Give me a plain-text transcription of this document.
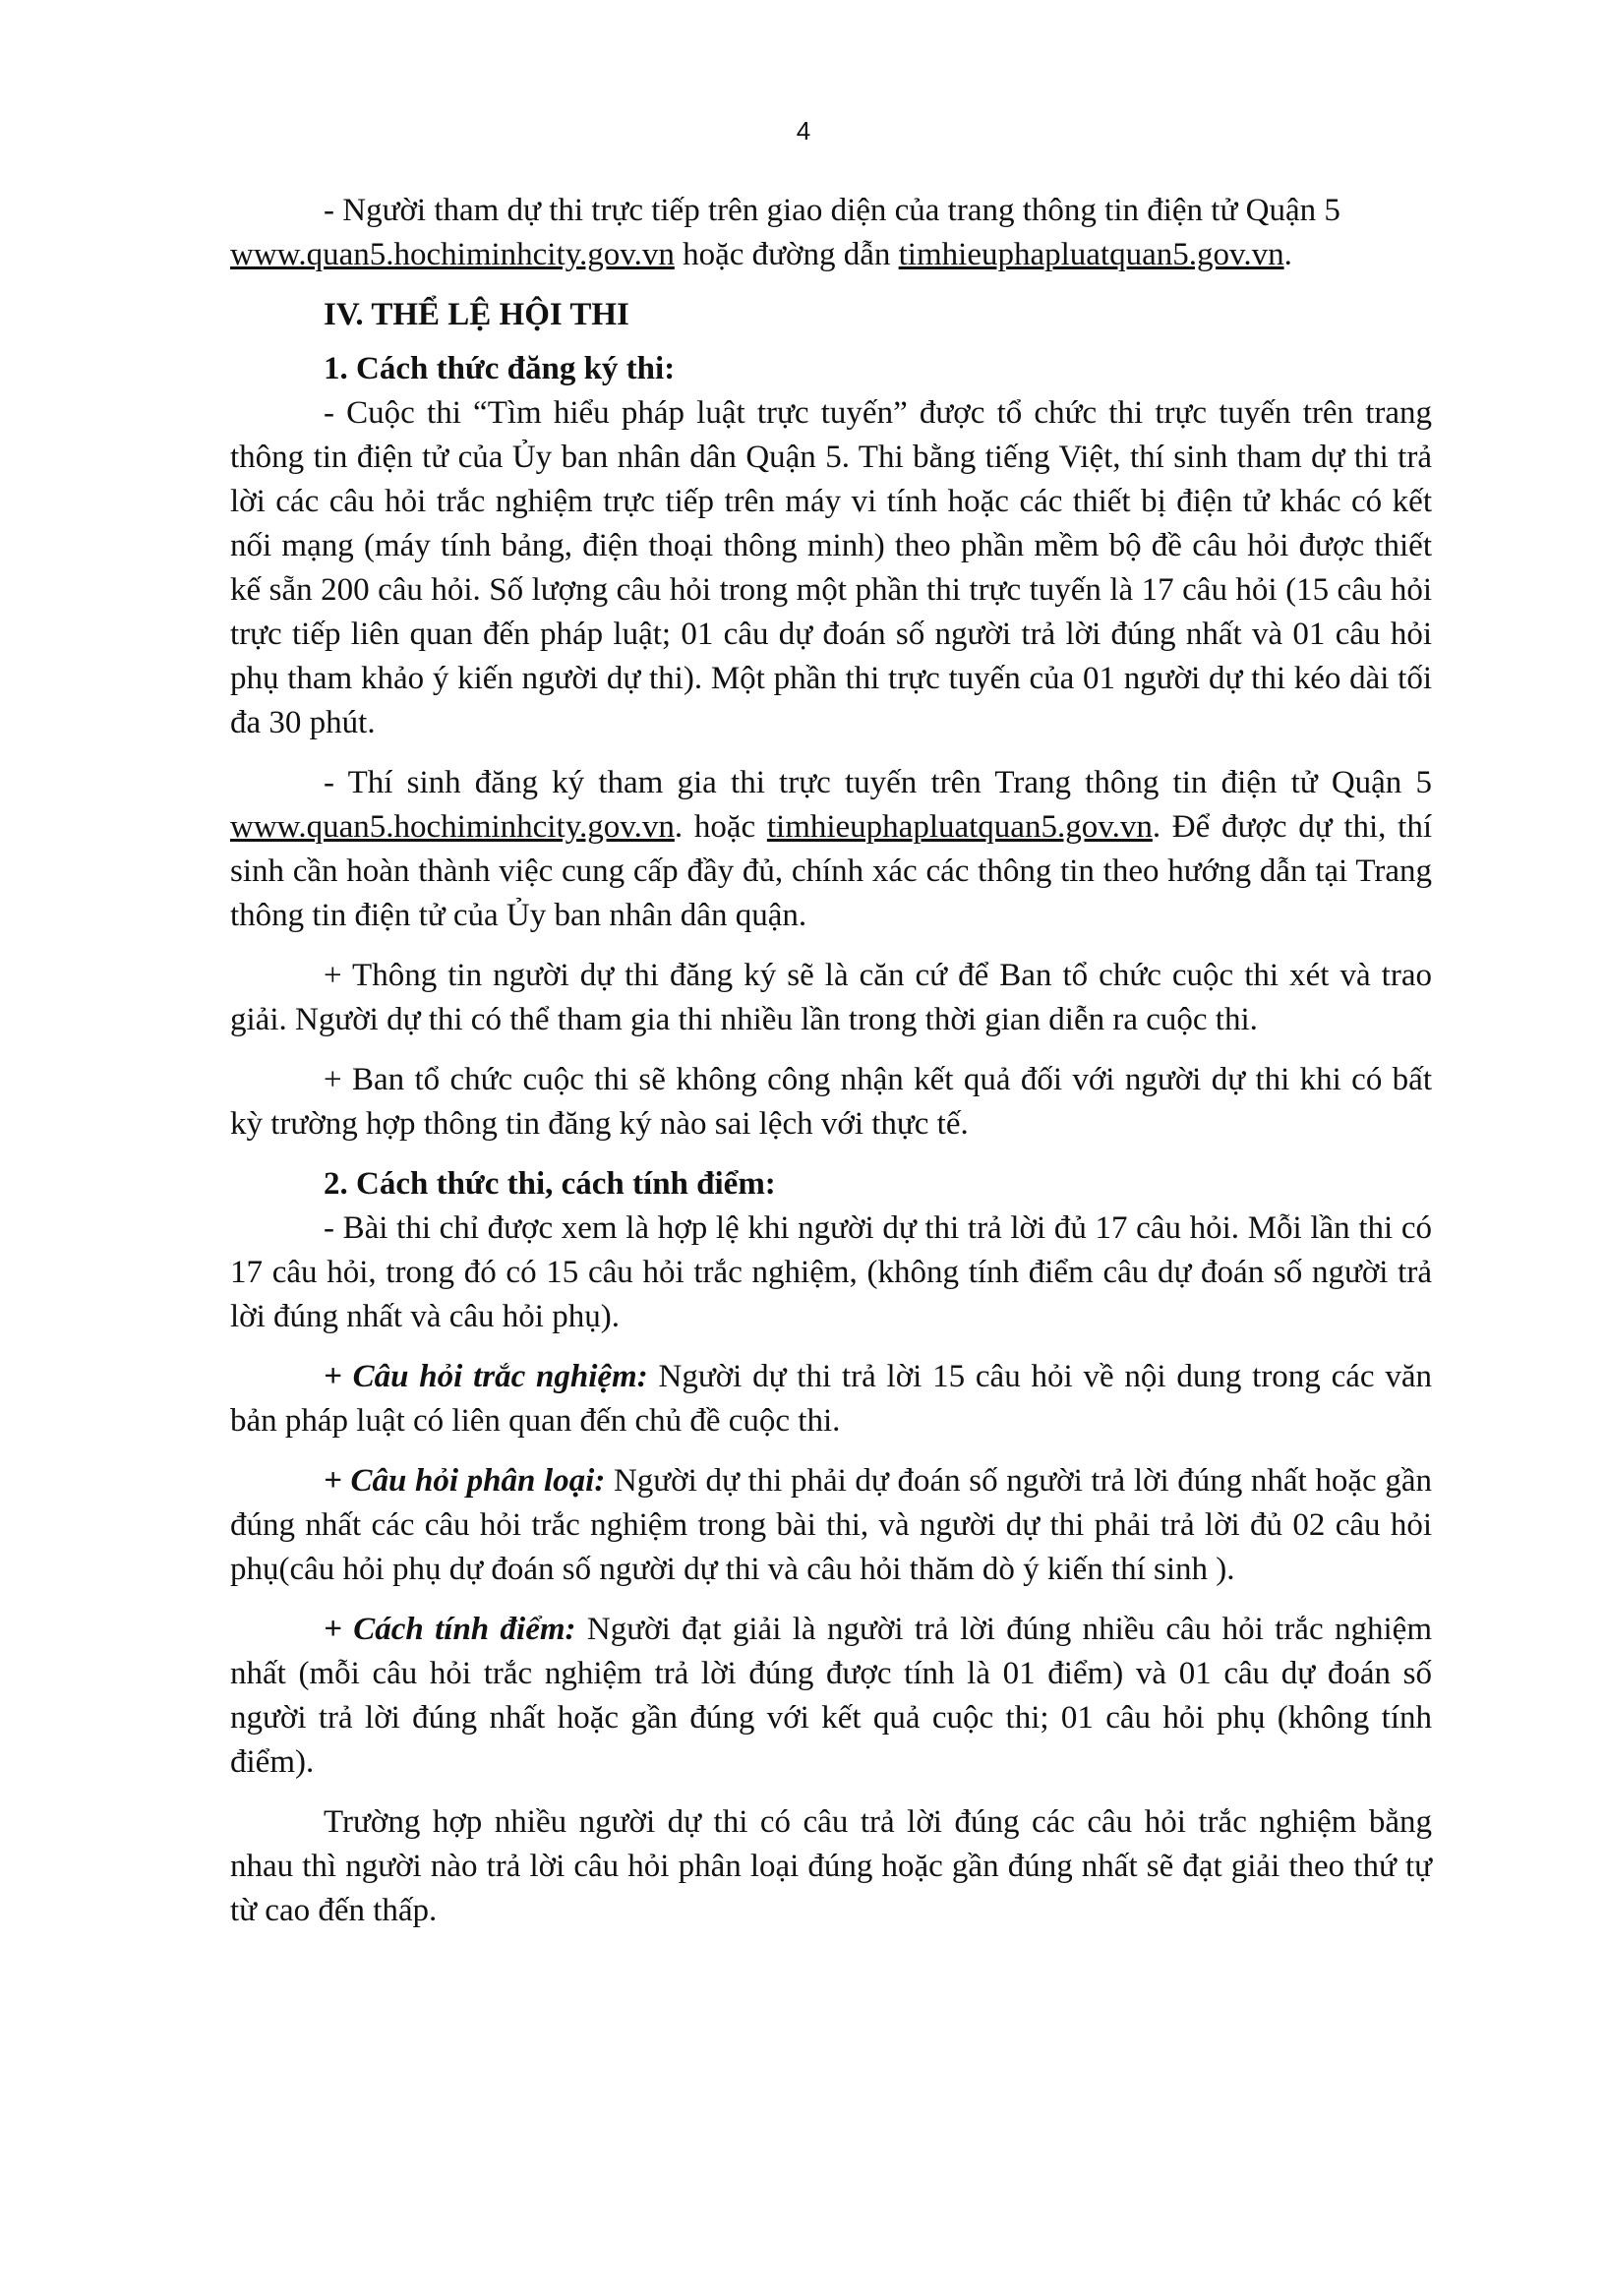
4

- Người tham dự thi trực tiếp trên giao diện của trang thông tin điện tử Quận 5
www.quan5.hochiminhcity.gov.vn hoặc đường dẫn timhieuphapluatquan5.gov.vn.

IV. THỂ LỆ HỘI THI
1. Cách thức đăng ký thi:

- Cuộc thi “Tìm hiểu pháp luật trực tuyến” được tổ chức thi trực tuyến trên trang thông tin điện tử của Ủy ban nhân dân Quận 5. Thi bằng tiếng Việt, thí sinh tham dự thi trả lời các câu hỏi trắc nghiệm trực tiếp trên máy vi tính hoặc các thiết bị điện tử khác có kết nối mạng (máy tính bảng, điện thoại thông minh) theo phần mềm bộ đề câu hỏi được thiết kế sẵn 200 câu hỏi. Số lượng câu hỏi trong một phần thi trực tuyến là 17 câu hỏi (15 câu hỏi trực tiếp liên quan đến pháp luật; 01 câu dự đoán số người trả lời đúng nhất và 01 câu hỏi phụ tham khảo ý kiến người dự thi). Một phần thi trực tuyến của 01 người dự thi kéo dài tối đa 30 phút.

- Thí sinh đăng ký tham gia thi trực tuyến trên Trang thông tin điện tử Quận 5 www.quan5.hochiminhcity.gov.vn. hoặc timhieuphapluatquan5.gov.vn. Để được dự thi, thí sinh cần hoàn thành việc cung cấp đầy đủ, chính xác các thông tin theo hướng dẫn tại Trang thông tin điện tử của Ủy ban nhân dân quận.

+ Thông tin người dự thi đăng ký sẽ là căn cứ để Ban tổ chức cuộc thi xét và trao giải. Người dự thi có thể tham gia thi nhiều lần trong thời gian diễn ra cuộc thi.

+ Ban tổ chức cuộc thi sẽ không công nhận kết quả đối với người dự thi khi có bất kỳ trường hợp thông tin đăng ký nào sai lệch với thực tế.

2. Cách thức thi, cách tính điểm:

- Bài thi chỉ được xem là hợp lệ khi người dự thi trả lời đủ 17 câu hỏi. Mỗi lần thi có 17 câu hỏi, trong đó có 15 câu hỏi trắc nghiệm, (không tính điểm câu dự đoán số người trả lời đúng nhất và câu hỏi phụ).

+ Câu hỏi trắc nghiệm: Người dự thi trả lời 15 câu hỏi về nội dung trong các văn bản pháp luật có liên quan đến chủ đề cuộc thi.

+ Câu hỏi phân loại: Người dự thi phải dự đoán số người trả lời đúng nhất hoặc gần đúng nhất các câu hỏi trắc nghiệm trong bài thi, và người dự thi phải trả lời đủ 02 câu hỏi phụ(câu hỏi phụ dự đoán số người dự thi và câu hỏi thăm dò ý kiến thí sinh ).

+ Cách tính điểm: Người đạt giải là người trả lời đúng nhiều câu hỏi trắc nghiệm nhất (mỗi câu hỏi trắc nghiệm trả lời đúng được tính là 01 điểm) và 01 câu dự đoán số người trả lời đúng nhất hoặc gần đúng với kết quả cuộc thi; 01 câu hỏi phụ (không tính điểm).

Trường hợp nhiều người dự thi có câu trả lời đúng các câu hỏi trắc nghiệm bằng nhau thì người nào trả lời câu hỏi phân loại đúng hoặc gần đúng nhất sẽ đạt giải theo thứ tự từ cao đến thấp.
